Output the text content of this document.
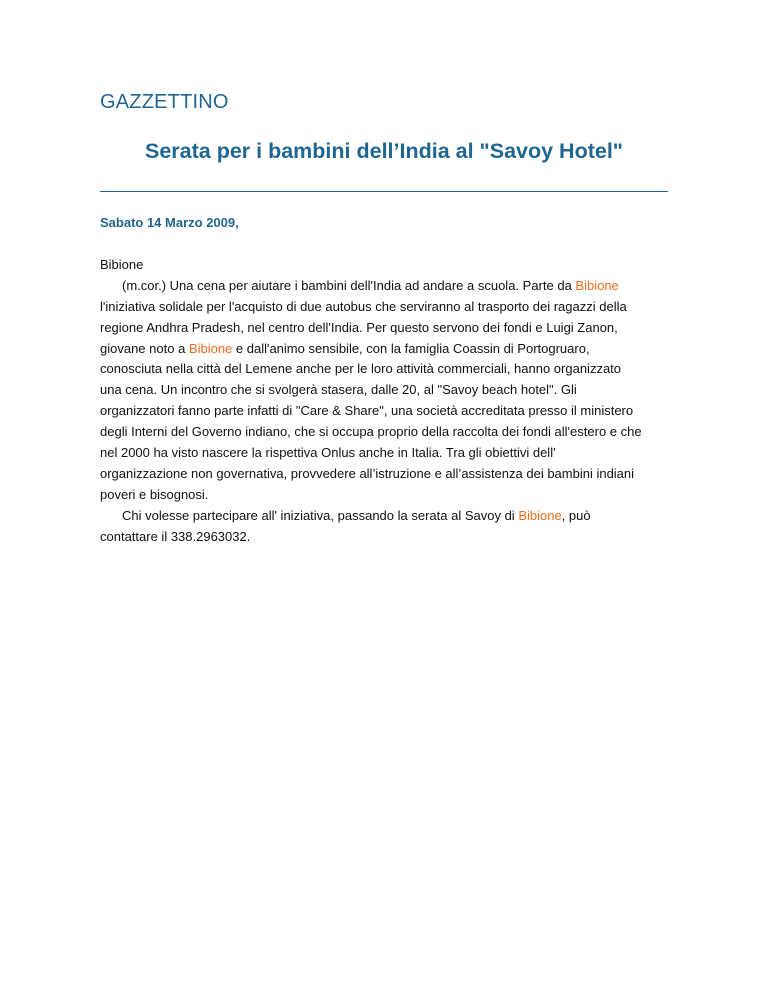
GAZZETTINO
Serata per i bambini dell’India al "Savoy Hotel"
Sabato 14 Marzo 2009,
Bibione
(m.cor.) Una cena per aiutare i bambini dell'India ad andare a scuola. Parte da Bibione
l'iniziativa solidale per l'acquisto di due autobus che serviranno al trasporto dei ragazzi della
regione Andhra Pradesh, nel centro dell'India. Per questo servono dei fondi e Luigi Zanon,
giovane noto a Bibione e dall'animo sensibile, con la famiglia Coassin di Portogruaro,
conosciuta nella città del Lemene anche per le loro attività commerciali, hanno organizzato
una cena. Un incontro che si svolgerà stasera, dalle 20, al "Savoy beach hotel". Gli
organizzatori fanno parte infatti di "Care & Share", una società accreditata presso il ministero
degli Interni del Governo indiano, che si occupa proprio della raccolta dei fondi all'estero e che
nel 2000 ha visto nascere la rispettiva Onlus anche in Italia. Tra gli obiettivi dell'
organizzazione non governativa, provvedere all’istruzione e all’assistenza dei bambini indiani
poveri e bisognosi.
Chi volesse partecipare all' iniziativa, passando la serata al Savoy di Bibione, può
contattare il 338.2963032.
